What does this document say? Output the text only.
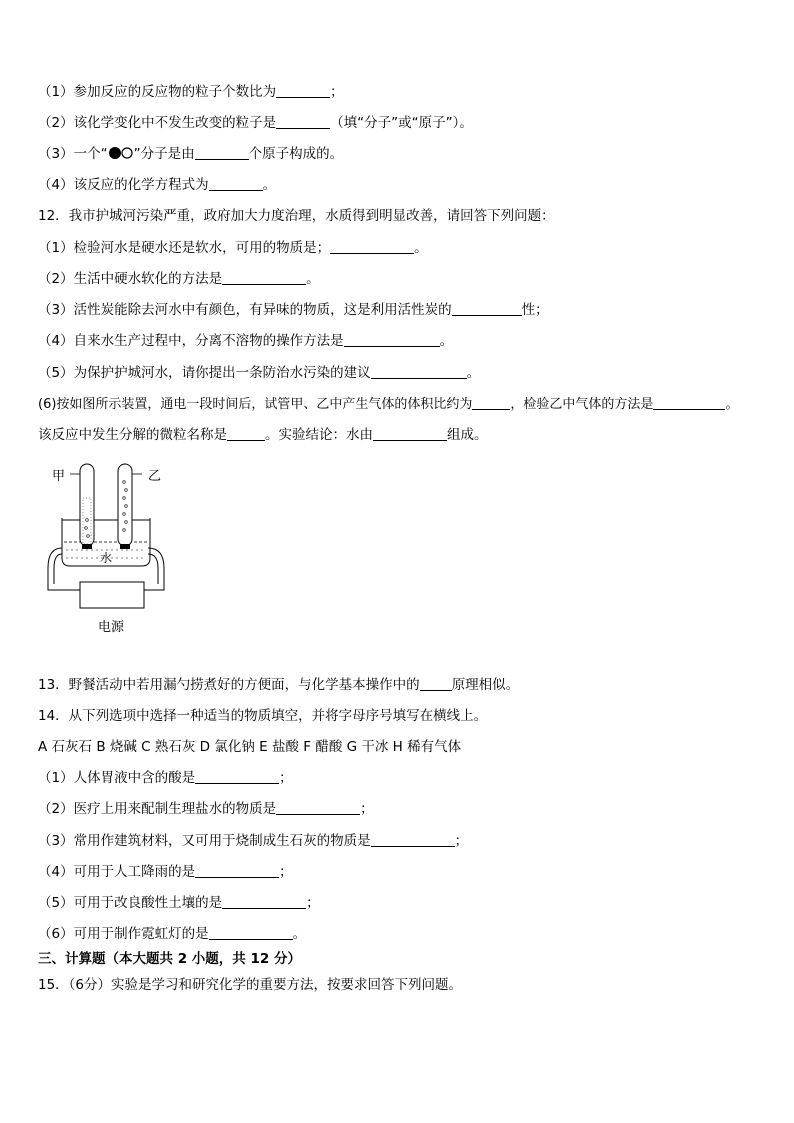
（1）参加反应的反应物的粒子个数比为	；
（2）该化学变化中不发生改变的粒子是	（填“分子”或“原子”）。
（3）一个“ ”分子是由	个原子构成的。
（4）该反应的化学方程式为	。
12．我市护城河污染严重，政府加大力度治理，水质得到明显改善，请回答下列问题：
（1）检验河水是硬水还是软水，可用的物质是；	。
（2）生活中硬水软化的方法是	。
（3）活性炭能除去河水中有颜色，有异味的物质，这是利用活性炭的	性；
（4）自来水生产过程中，分离不溶物的操作方法是	。
（5）为保护护城河水，请你提出一条防治水污染的建议	。
(6)按如图所示装置，通电一段时间后，试管甲、乙中产生气体的体积比约为	，检验乙中气体的方法是	。
该反应中发生分解的微粒名称是	。实验结论：水由	组成。
甲	乙
水
电源
13．野餐活动中若用漏勺捞煮好的方便面，与化学基本操作中的 原理相似。
14．从下列选项中选择一种适当的物质填空，并将字母序号填写在横线上。
A 石灰石 B 烧碱 C 熟石灰 D 氯化钠 E 盐酸 F 醋酸 G 干冰 H 稀有气体
（1）人体胃液中含的酸是	；
（2）医疗上用来配制生理盐水的物质是	；
（3）常用作建筑材料，又可用于烧制成生石灰的物质是	；
（4）可用于人工降雨的是	；
（5）可用于改良酸性土壤的是	；
（6）可用于制作霓虹灯的是	。
三、计算题（本大题共 2 小题，共 12 分）
15．（6分）实验是学习和研究化学的重要方法，按要求回答下列问题。
